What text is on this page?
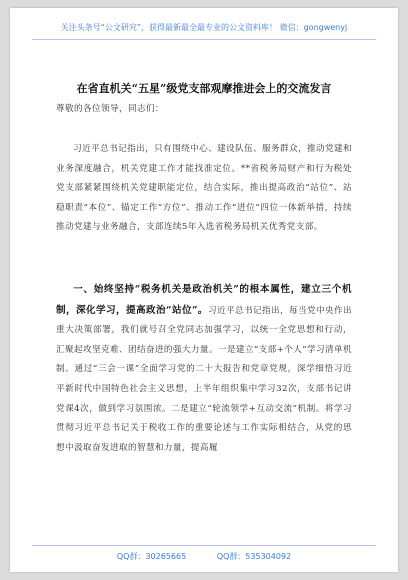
关注头条号“公文研究”，获得最新最全最专业的公文资料库！ 微信：gongwenyj
在省直机关“五星”级党支部观摩推进会上的交流发言
尊敬的各位领导，同志们：
习近平总书记指出，只有围绕中心、建设队伍、服务群众，推动党建和业务深度融合，机关党建工作才能找准定位。**省税务局财产和行为税处党支部紧紧围绕机关党建职能定位，结合实际，推出提高政治“站位”、站稳职责“本位”、锚定工作“方位”、推动工作“进位”四位一体新举措，持续推动党建与业务融合，支部连续5年入选省税务局机关优秀党支部。
一、始终坚持“税务机关是政治机关”的根本属性，建立三个机制，深化学习，提高政治“站位”。习近平总书记指出，每当党中央作出重大决策部署，我们就号召全党同志加强学习，以统一全党思想和行动，汇聚起攻坚克难、团结奋进的强大力量。一是建立“支部+个人”学习清单机制。通过“三会一课”全面学习党的二十大报告和党章党规，深学细悟习近平新时代中国特色社会主义思想，上半年组织集中学习32次，支部书记讲党课4次，做到学习氛围浓。二是建立“轮流领学+互动交流”机制。将学习贯彻习近平总书记关于税收工作的重要论述与工作实际相结合，从党的思想中汲取奋发进取的智慧和力量，提高履
QQ群：30265665	QQ群：535304092
